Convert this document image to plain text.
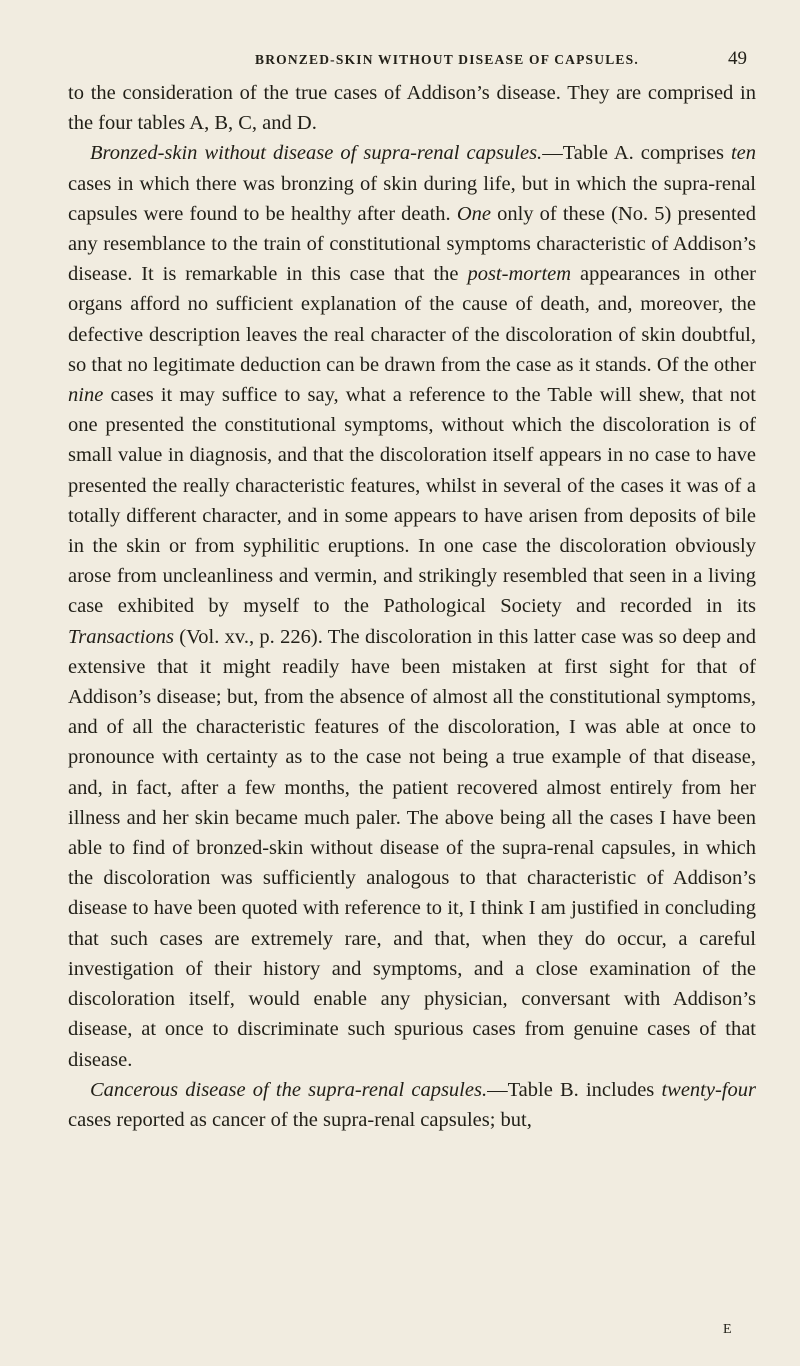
BRONZED-SKIN WITHOUT DISEASE OF CAPSULES.	49

to the consideration of the true cases of Addison’s disease. They are comprised in the four tables A, B, C, and D.

Bronzed-skin without disease of supra-renal capsules.—Table A. comprises ten cases in which there was bronzing of skin during life, but in which the supra-renal capsules were found to be healthy after death. One only of these (No. 5) presented any resemblance to the train of constitutional symptoms characteristic of Addison’s disease. It is remarkable in this case that the post-mortem appearances in other organs afford no sufficient explanation of the cause of death, and, moreover, the defective description leaves the real character of the discoloration of skin doubtful, so that no legitimate deduction can be drawn from the case as it stands. Of the other nine cases it may suffice to say, what a reference to the Table will shew, that not one presented the constitutional symptoms, without which the discoloration is of small value in diagnosis, and that the discoloration itself appears in no case to have presented the really characteristic features, whilst in several of the cases it was of a totally different character, and in some appears to have arisen from deposits of bile in the skin or from syphilitic eruptions. In one case the discoloration obviously arose from uncleanliness and vermin, and strikingly resembled that seen in a living case exhibited by myself to the Pathological Society and recorded in its Transactions (Vol. xv., p. 226). The discoloration in this latter case was so deep and extensive that it might readily have been mistaken at first sight for that of Addison’s disease; but, from the absence of almost all the constitutional symptoms, and of all the characteristic features of the discoloration, I was able at once to pronounce with certainty as to the case not being a true example of that disease, and, in fact, after a few months, the patient recovered almost entirely from her illness and her skin became much paler. The above being all the cases I have been able to find of bronzed-skin without disease of the supra-renal capsules, in which the discoloration was sufficiently analogous to that characteristic of Addison’s disease to have been quoted with reference to it, I think I am justified in concluding that such cases are extremely rare, and that, when they do occur, a careful investigation of their history and symptoms, and a close examination of the discoloration itself, would enable any physician, conversant with Addison’s disease, at once to discriminate such spurious cases from genuine cases of that disease.

Cancerous disease of the supra-renal capsules.—Table B. includes twenty-four cases reported as cancer of the supra-renal capsules; but,

E
